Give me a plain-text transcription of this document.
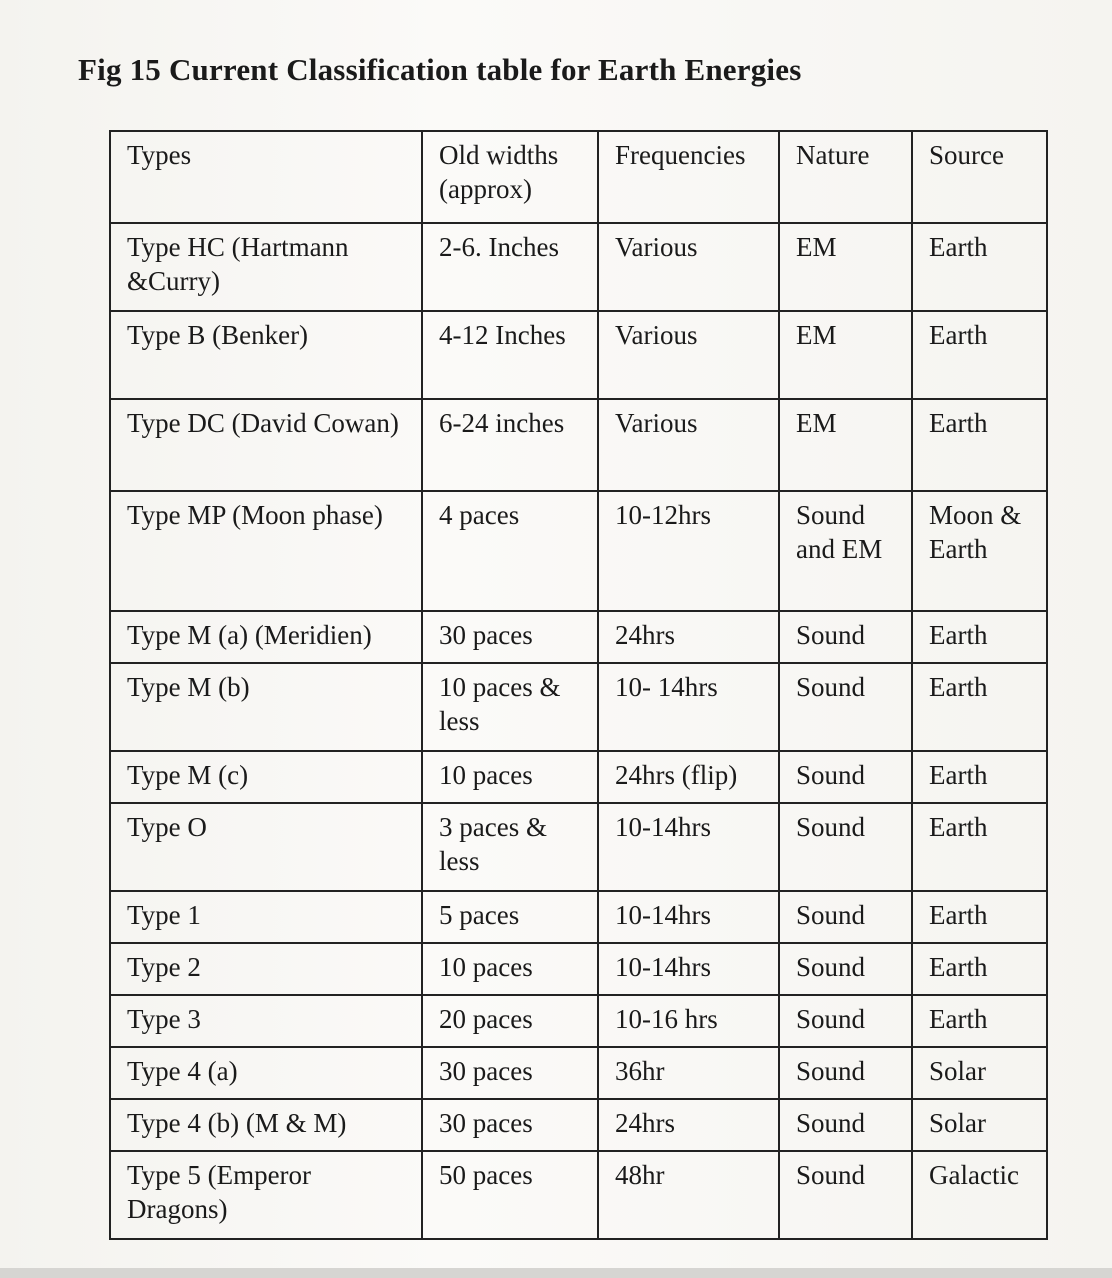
Fig 15 Current Classification table for Earth Energies
Types	Old widths (approx)	Frequencies	Nature	Source
Type HC (Hartmann &Curry)	2-6. Inches	Various	EM	Earth
Type B (Benker)	4-12 Inches	Various	EM	Earth
Type DC (David Cowan)	6-24 inches	Various	EM	Earth
Type MP (Moon phase)	4 paces	10-12hrs	Sound and EM	Moon & Earth
Type M (a) (Meridien)	30 paces	24hrs	Sound	Earth
Type M (b)	10 paces & less	10- 14hrs	Sound	Earth
Type M (c)	10 paces	24hrs (flip)	Sound	Earth
Type O	3 paces & less	10-14hrs	Sound	Earth
Type 1	5 paces	10-14hrs	Sound	Earth
Type 2	10 paces	10-14hrs	Sound	Earth
Type 3	20 paces	10-16 hrs	Sound	Earth
Type 4 (a)	30 paces	36hr	Sound	Solar
Type 4 (b) (M & M)	30 paces	24hrs	Sound	Solar
Type 5 (Emperor Dragons)	50 paces	48hr	Sound	Galactic
